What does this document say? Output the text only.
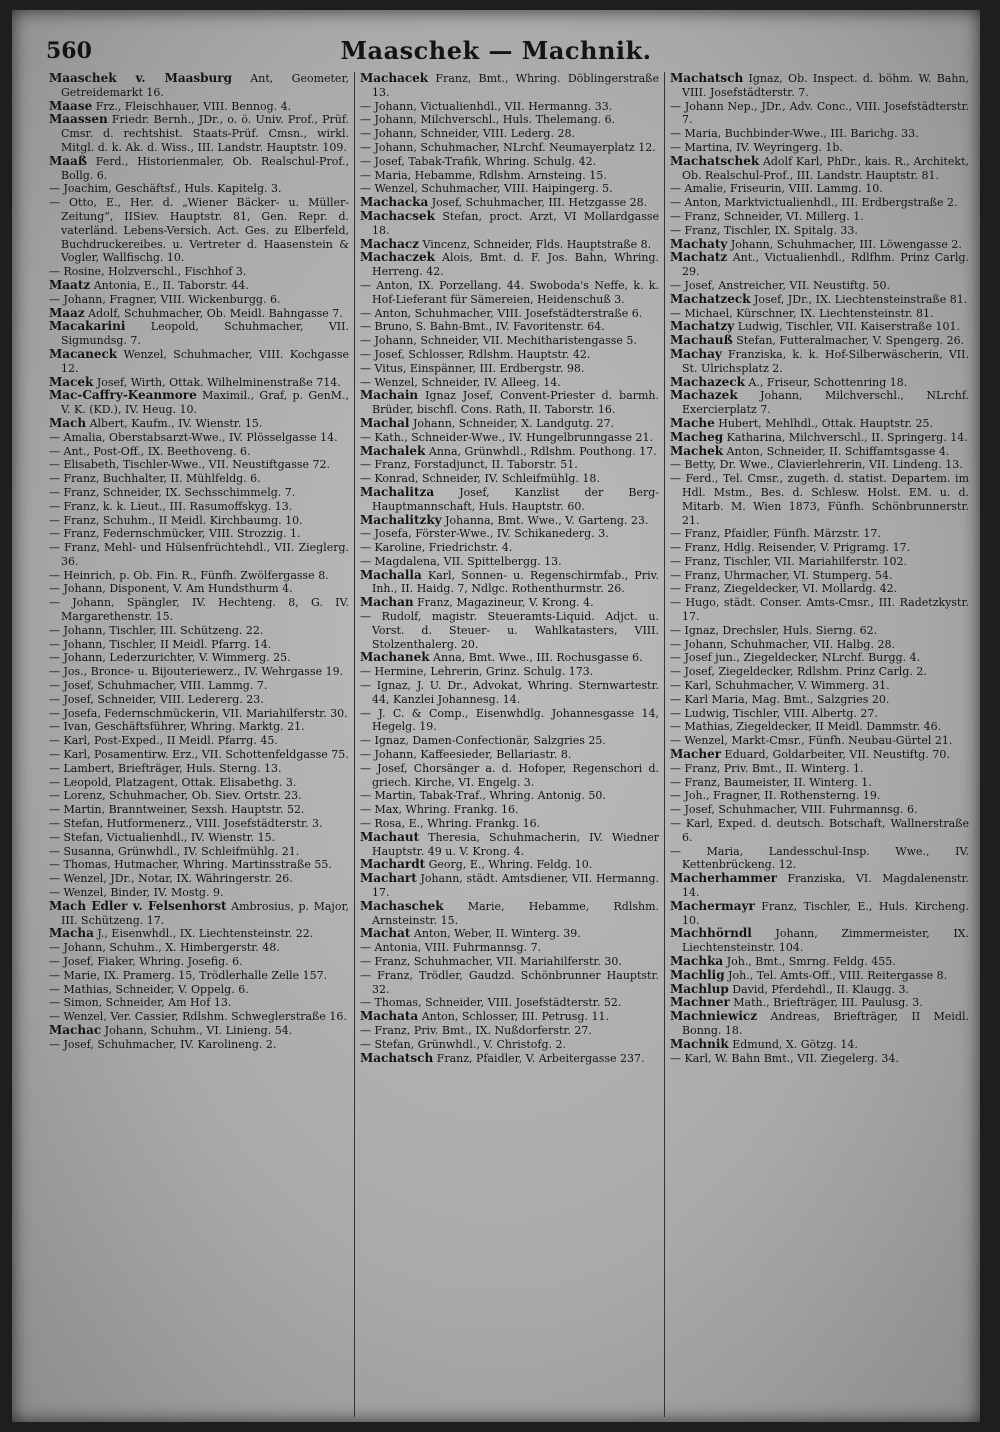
560	Maaschek — Machnik.

Maaschek v. Maasburg Ant, Geometer, Getreidemarkt 16.

Maase Frz., Fleischhauer, VIII. Bennog. 4.

Maassen Friedr. Bernh., JDr., o. ö. Univ. Prof., Prüf. Cmsr. d. rechtshist. Staats-Prüf. Cmsn., wirkl. Mitgl. d. k. Ak. d. Wiss., III. Landstr. Hauptstr. 109.

Maaß Ferd., Historienmaler, Ob. Realschul-Prof., Bollg. 6.

— Joachim, Geschäftsf., Huls. Kapitelg. 3.

— Otto, E., Her. d. „Wiener Bäcker- u. Müller-Zeitung“, IISiev. Hauptstr. 81, Gen. Repr. d. vaterländ. Lebens-Versich. Act. Ges. zu Elberfeld, Buchdruckereibes. u. Vertreter d. Haasenstein & Vogler, Wallfischg. 10.

— Rosine, Holzverschl., Fischhof 3.

Maatz Antonia, E., II. Taborstr. 44.

— Johann, Fragner, VIII. Wickenburgg. 6.

Maaz Adolf, Schuhmacher, Ob. Meidl. Bahngasse 7.

Macakarini Leopold, Schuhmacher, VII. Sigmundsg. 7.

Macaneck Wenzel, Schuhmacher, VIII. Kochgasse 12.

Macek Josef, Wirth, Ottak. Wilhelminenstraße 714.

Mac-Caffry-Keanmore Maximil., Graf, p. GenM., V. K. (KD.), IV. Heug. 10.

Mach Albert, Kaufm., IV. Wienstr. 15.

— Amalia, Oberstabsarzt-Wwe., IV. Plösselgasse 14.

— Ant., Post-Off., IX. Beethoveng. 6.

— Elisabeth, Tischler-Wwe., VII. Neustiftgasse 72.

— Franz, Buchhalter, II. Mühlfeldg. 6.

— Franz, Schneider, IX. Sechsschimmelg. 7.

— Franz, k. k. Lieut., III. Rasumoffskyg. 13.

— Franz, Schuhm., II Meidl. Kirchbaumg. 10.

— Franz, Federnschmücker, VIII. Strozzig. 1.

— Franz, Mehl- und Hülsenfrüchtehdl., VII. Zieglerg. 36.

— Heinrich, p. Ob. Fin. R., Fünfh. Zwölfergasse 8.

— Johann, Disponent, V. Am Hundsthurm 4.

— Johann, Spängler, IV. Hechteng. 8, G. IV. Margarethenstr. 15.

— Johann, Tischler, III. Schützeng. 22.

— Johann, Tischler, II Meidl. Pfarrg. 14.

— Johann, Lederzurichter, V. Wimmerg. 25.

— Jos., Bronce- u. Bijouteriewerz., IV. Wehrgasse 19.

— Josef, Schuhmacher, VIII. Lammg. 7.

— Josef, Schneider, VIII. Ledererg. 23.

— Josefa, Federnschmückerin, VII. Mariahilferstr. 30.

— Ivan, Geschäftsführer, Whring. Marktg. 21.

— Karl, Post-Exped., II Meidl. Pfarrg. 45.

— Karl, Posamentirw. Erz., VII. Schottenfeldgasse 75.

— Lambert, Briefträger, Huls. Sterng. 13.

— Leopold, Platzagent, Ottak. Elisabethg. 3.

— Lorenz, Schuhmacher, Ob. Siev. Ortstr. 23.

— Martin, Branntweiner, Sexsh. Hauptstr. 52.

— Stefan, Hutformenerz., VIII. Josefstädterstr. 3.

— Stefan, Victualienhdl., IV. Wienstr. 15.

— Susanna, Grünwhdl., IV. Schleifmühlg. 21.

— Thomas, Hutmacher, Whring. Martinsstraße 55.

— Wenzel, JDr., Notar, IX. Währingerstr. 26.

— Wenzel, Binder, IV. Mostg. 9.

Mach Edler v. Felsenhorst Ambrosius, p. Major, III. Schützeng. 17.

Macha J., Eisenwhdl., IX. Liechtensteinstr. 22.

— Johann, Schuhm., X. Himbergerstr. 48.

— Josef, Fiaker, Whring. Josefig. 6.

— Marie, IX. Pramerg. 15, Trödlerhalle Zelle 157.

— Mathias, Schneider, V. Oppelg. 6.

— Simon, Schneider, Am Hof 13.

— Wenzel, Ver. Cassier, Rdlshm. Schweglerstraße 16.

Machac Johann, Schuhm., VI. Linieng. 54.

— Josef, Schuhmacher, IV. Karolineng. 2.

Machacek Franz, Bmt., Whring. Döblingerstraße 13.

— Johann, Victualienhdl., VII. Hermanng. 33.

— Johann, Milchverschl., Huls. Thelemang. 6.

— Johann, Schneider, VIII. Lederg. 28.

— Johann, Schuhmacher, NLrchf. Neumayerplatz 12.

— Josef, Tabak-Trafik, Whring. Schulg. 42.

— Maria, Hebamme, Rdlshm. Arnsteing. 15.

— Wenzel, Schuhmacher, VIII. Haipingerg. 5.

Machacka Josef, Schuhmacher, III. Hetzgasse 28.

Machacsek Stefan, proct. Arzt, VI Mollardgasse 18.

Machacz Vincenz, Schneider, Flds. Hauptstraße 8.

Machaczek Alois, Bmt. d. F. Jos. Bahn, Whring. Herreng. 42.

— Anton, IX. Porzellang. 44. Swoboda's Neffe, k. k. Hof-Lieferant für Sämereien, Heidenschuß 3.

— Anton, Schuhmacher, VIII. Josefstädterstraße 6.

— Bruno, S. Bahn-Bmt., IV. Favoritenstr. 64.

— Johann, Schneider, VII. Mechitharistengasse 5.

— Josef, Schlosser, Rdlshm. Hauptstr. 42.

— Vitus, Einspänner, III. Erdbergstr. 98.

— Wenzel, Schneider, IV. Alleeg. 14.

Machain Ignaz Josef, Convent-Priester d. barmh. Brüder, bischfl. Cons. Rath, II. Taborstr. 16.

Machal Johann, Schneider, X. Landgutg. 27.

— Kath., Schneider-Wwe., IV. Hungelbrunngasse 21.

Machalek Anna, Grünwhdl., Rdlshm. Pouthong. 17.

— Franz, Forstadjunct, II. Taborstr. 51.

— Konrad, Schneider, IV. Schleifmühlg. 18.

Machalitza Josef, Kanzlist der Berg-Hauptmannschaft, Huls. Hauptstr. 60.

Machalitzky Johanna, Bmt. Wwe., V. Garteng. 23.

— Josefa, Förster-Wwe., IV. Schikanederg. 3.

— Karoline, Friedrichstr. 4.

— Magdalena, VII. Spittelbergg. 13.

Machalla Karl, Sonnen- u. Regenschirmfab., Priv. Inh., II. Haidg. 7, Ndlgc. Rothenthurmstr. 26.

Machan Franz, Magazineur, V. Krong. 4.

— Rudolf, magistr. Steueramts-Liquid. Adjct. u. Vorst. d. Steuer- u. Wahlkatasters, VIII. Stolzenthalerg. 20.

Machanek Anna, Bmt. Wwe., III. Rochusgasse 6.

— Hermine, Lehrerin, Grinz. Schulg. 173.

— Ignaz, J. U. Dr., Advokat, Whring. Sternwartestr. 44, Kanzlei Johannesg. 14.

— J. C. & Comp., Eisenwhdlg. Johannesgasse 14, Hegelg. 19.

— Ignaz, Damen-Confectionär, Salzgries 25.

— Johann, Kaffeesieder, Bellariastr. 8.

— Josef, Chorsänger a. d. Hofoper, Regenschori d. griech. Kirche, VI. Engelg. 3.

— Martin, Tabak-Traf., Whring. Antonig. 50.

— Max, Whring. Frankg. 16.

— Rosa, E., Whring. Frankg. 16.

Machaut Theresia, Schuhmacherin, IV. Wiedner Hauptstr. 49 u. V. Krong. 4.

Machardt Georg, E., Whring. Feldg. 10.

Machart Johann, städt. Amtsdiener, VII. Hermanng. 17.

Machaschek Marie, Hebamme, Rdlshm. Arnsteinstr. 15.

Machat Anton, Weber, II. Winterg. 39.

— Antonia, VIII. Fuhrmannsg. 7.

— Franz, Schuhmacher, VII. Mariahilferstr. 30.

— Franz, Trödler, Gaudzd. Schönbrunner Hauptstr. 32.

— Thomas, Schneider, VIII. Josefstädterstr. 52.

Machata Anton, Schlosser, III. Petrusg. 11.

— Franz, Priv. Bmt., IX. Nußdorferstr. 27.

— Stefan, Grünwhdl., V. Christofg. 2.

Machatsch Franz, Pfaidler, V. Arbeitergasse 237.

Machatsch Ignaz, Ob. Inspect. d. böhm. W. Bahn, VIII. Josefstädterstr. 7.

— Johann Nep., JDr., Adv. Conc., VIII. Josefstädterstr. 7.

— Maria, Buchbinder-Wwe., III. Barichg. 33.

— Martina, IV. Weyringerg. 1b.

Machatschek Adolf Karl, PhDr., kais. R., Architekt, Ob. Realschul-Prof., III. Landstr. Hauptstr. 81.

— Amalie, Friseurin, VIII. Lammg. 10.

— Anton, Marktvictualienhdl., III. Erdbergstraße 2.

— Franz, Schneider, VI. Millerg. 1.

— Franz, Tischler, IX. Spitalg. 33.

Machaty Johann, Schuhmacher, III. Löwengasse 2.

Machatz Ant., Victualienhdl., Rdlfhm. Prinz Carlg. 29.

— Josef, Anstreicher, VII. Neustiftg. 50.

Machatzeck Josef, JDr., IX. Liechtensteinstraße 81.

— Michael, Kürschner, IX. Liechtensteinstr. 81.

Machatzy Ludwig, Tischler, VII. Kaiserstraße 101.

Machauß Stefan, Futteralmacher, V. Spengerg. 26.

Machay Franziska, k. k. Hof-Silberwäscherin, VII. St. Ulrichsplatz 2.

Machazeck A., Friseur, Schottenring 18.

Machazek Johann, Milchverschl., NLrchf. Exercierplatz 7.

Mache Hubert, Mehlhdl., Ottak. Hauptstr. 25.

Macheg Katharina, Milchverschl., II. Springerg. 14.

Machek Anton, Schneider, II. Schiffamtsgasse 4.

— Betty, Dr. Wwe., Clavierlehrerin, VII. Lindeng. 13.

— Ferd., Tel. Cmsr., zugeth. d. statist. Departem. im Hdl. Mstm., Bes. d. Schlesw. Holst. EM. u. d. Mitarb. M. Wien 1873, Fünfh. Schönbrunnerstr. 21.

— Franz, Pfaidler, Fünfh. Märzstr. 17.

— Franz, Hdlg. Reisender, V. Prigramg. 17.

— Franz, Tischler, VII. Mariahilferstr. 102.

— Franz, Uhrmacher, VI. Stumperg. 54.

— Franz, Ziegeldecker, VI. Mollardg. 42.

— Hugo, städt. Conser. Amts-Cmsr., III. Radetzkystr. 17.

— Ignaz, Drechsler, Huls. Sierng. 62.

— Johann, Schuhmacher, VII. Halbg. 28.

— Josef jun., Ziegeldecker, NLrchf. Burgg. 4.

— Josef, Ziegeldecker, Rdlshm. Prinz Carlg. 2.

— Karl, Schuhmacher, V. Wimmerg. 31.

— Karl Maria, Mag. Bmt., Salzgries 20.

— Ludwig, Tischler, VIII. Albertg. 27.

— Mathias, Ziegeldecker, II Meidl. Dammstr. 46.

— Wenzel, Markt-Cmsr., Fünfh. Neubau-Gürtel 21.

Macher Eduard, Goldarbeiter, VII. Neustiftg. 70.

— Franz, Priv. Bmt., II. Winterg. 1.

— Franz, Baumeister, II. Winterg. 1.

— Joh., Fragner, II. Rothensterng. 19.

— Josef, Schuhmacher, VIII. Fuhrmannsg. 6.

— Karl, Exped. d. deutsch. Botschaft, Wallnerstraße 6.

— Maria, Landesschul-Insp. Wwe., IV. Kettenbrückeng. 12.

Macherhammer Franziska, VI. Magdalenenstr. 14.

Machermayr Franz, Tischler, E., Huls. Kircheng. 10.

Machhörndl Johann, Zimmermeister, IX. Liechtensteinstr. 104.

Machka Joh., Bmt., Smrng. Feldg. 455.

Machlig Joh., Tel. Amts-Off., VIII. Reitergasse 8.

Machlup David, Pferdehdl., II. Klaugg. 3.

Machner Math., Briefträger, III. Paulusg. 3.

Machniewicz Andreas, Briefträger, II Meidl. Bonng. 18.

Machnik Edmund, X. Götzg. 14.

— Karl, W. Bahn Bmt., VII. Ziegelerg. 34.
